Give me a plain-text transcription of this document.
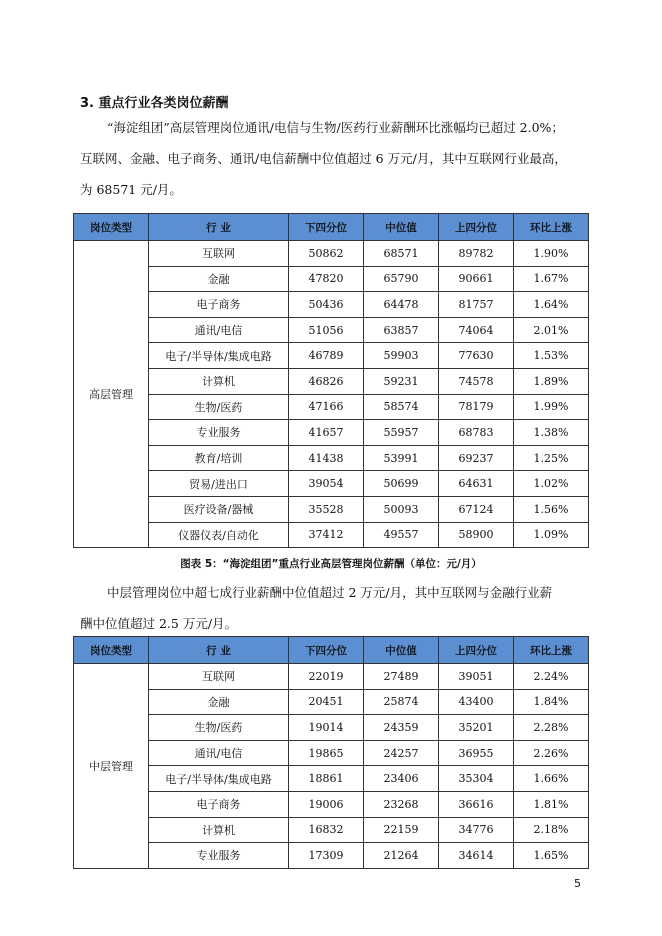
3. 重点行业各类岗位薪酬
“海淀组团”高层管理岗位通讯/电信与生物/医药行业薪酬环比涨幅均已超过 2.0%；
互联网、金融、电子商务、通讯/电信薪酬中位值超过 6 万元/月，其中互联网行业最高，
为 68571 元/月。
岗位类型	行 业	下四分位	中位值	上四分位	环比上涨
高层管理	互联网	50862	68571	89782	1.90%
	金融	47820	65790	90661	1.67%
	电子商务	50436	64478	81757	1.64%
	通讯/电信	51056	63857	74064	2.01%
	电子/半导体/集成电路	46789	59903	77630	1.53%
	计算机	46826	59231	74578	1.89%
	生物/医药	47166	58574	78179	1.99%
	专业服务	41657	55957	68783	1.38%
	教育/培训	41438	53991	69237	1.25%
	贸易/进出口	39054	50699	64631	1.02%
	医疗设备/器械	35528	50093	67124	1.56%
	仪器仪表/自动化	37412	49557	58900	1.09%
图表 5：“海淀组团”重点行业高层管理岗位薪酬（单位：元/月）
中层管理岗位中超七成行业薪酬中位值超过 2 万元/月，其中互联网与金融行业薪
酬中位值超过 2.5 万元/月。
岗位类型	行 业	下四分位	中位值	上四分位	环比上涨
中层管理	互联网	22019	27489	39051	2.24%
	金融	20451	25874	43400	1.84%
	生物/医药	19014	24359	35201	2.28%
	通讯/电信	19865	24257	36955	2.26%
	电子/半导体/集成电路	18861	23406	35304	1.66%
	电子商务	19006	23268	36616	1.81%
	计算机	16832	22159	34776	2.18%
	专业服务	17309	21264	34614	1.65%
5
